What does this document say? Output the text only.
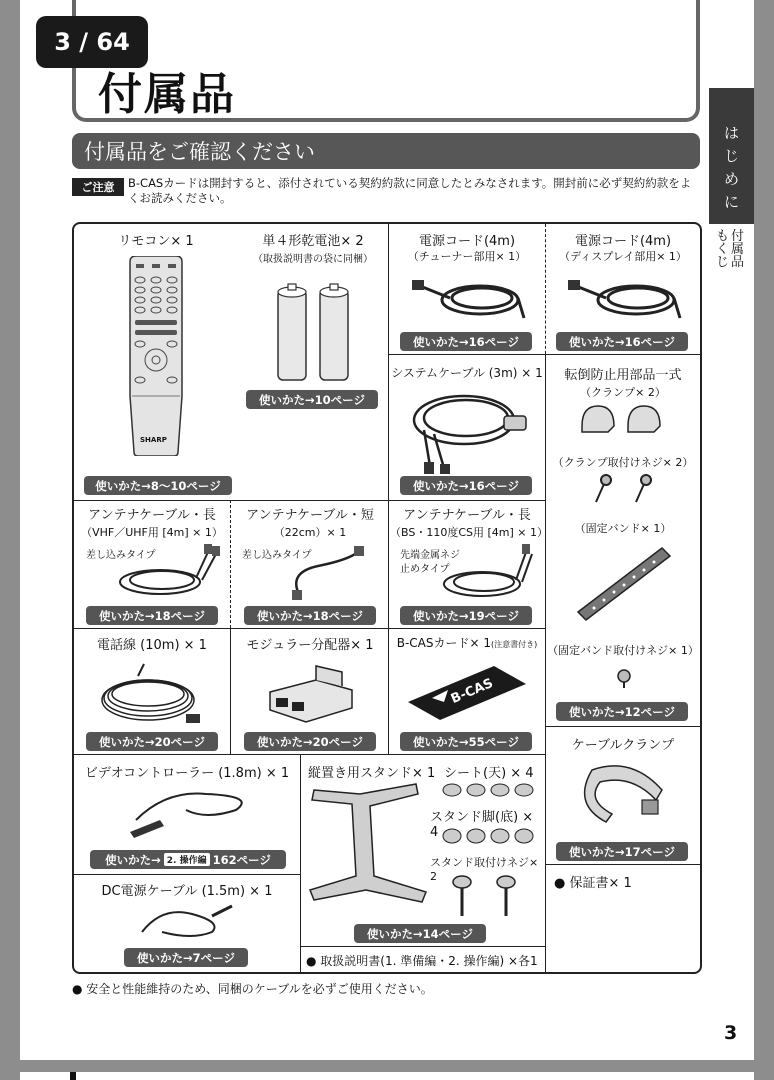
3 / 64
付属品
は
じ
め
に
付
属
品
も
く
じ
付属品をご確認ください
ご注意	B-CASカードは開封すると、添付されている契約約款に同意したとみなされます。開封前に必ず契約約款をよくお読みください。
リモコン× 1
SHARP
使いかた→8〜10ページ
単４形乾電池× 2
（取扱説明書の袋に同梱）
使いかた→10ページ
電源コード(4m)
（チューナー部用× 1）
使いかた→16ページ
電源コード(4m)
（ディスプレイ部用× 1）
使いかた→16ページ
システムケーブル (3m) × 1
使いかた→16ページ
転倒防止用部品一式
（クランプ× 2）
（クランプ取付けネジ× 2）
（固定バンド× 1）
（固定バンド取付けネジ× 1）
使いかた→12ページ
アンテナケーブル・長
（VHF／UHF用 [4m] × 1）
差し込みタイプ
使いかた→18ページ
アンテナケーブル・短
（22cm）× 1
差し込みタイプ
使いかた→18ページ
アンテナケーブル・長
（BS・110度CS用 [4m] × 1）
先端金属ネジ
止めタイプ
使いかた→19ページ
電話線 (10m) × 1
使いかた→20ページ
モジュラー分配器× 1
使いかた→20ページ
B-CASカード× 1(注意書付き)
B-CAS
使いかた→55ページ	ケーブルクランプ
使いかた→17ページ
ビデオコントローラー (1.8m) × 1
使いかた→ 2. 操作編 162ページ
縦置き用スタンド× 1 シート(天) × 4
スタンド脚(底) × 4
スタンド取付けネジ× 2
使いかた→14ページ
● 保証書× 1
DC電源ケーブル (1.5m) × 1
使いかた→7ページ	● 取扱説明書(1. 準備編・2. 操作編) ×各1
● 安全と性能維持のため、同梱のケーブルを必ずご使用ください。
3
